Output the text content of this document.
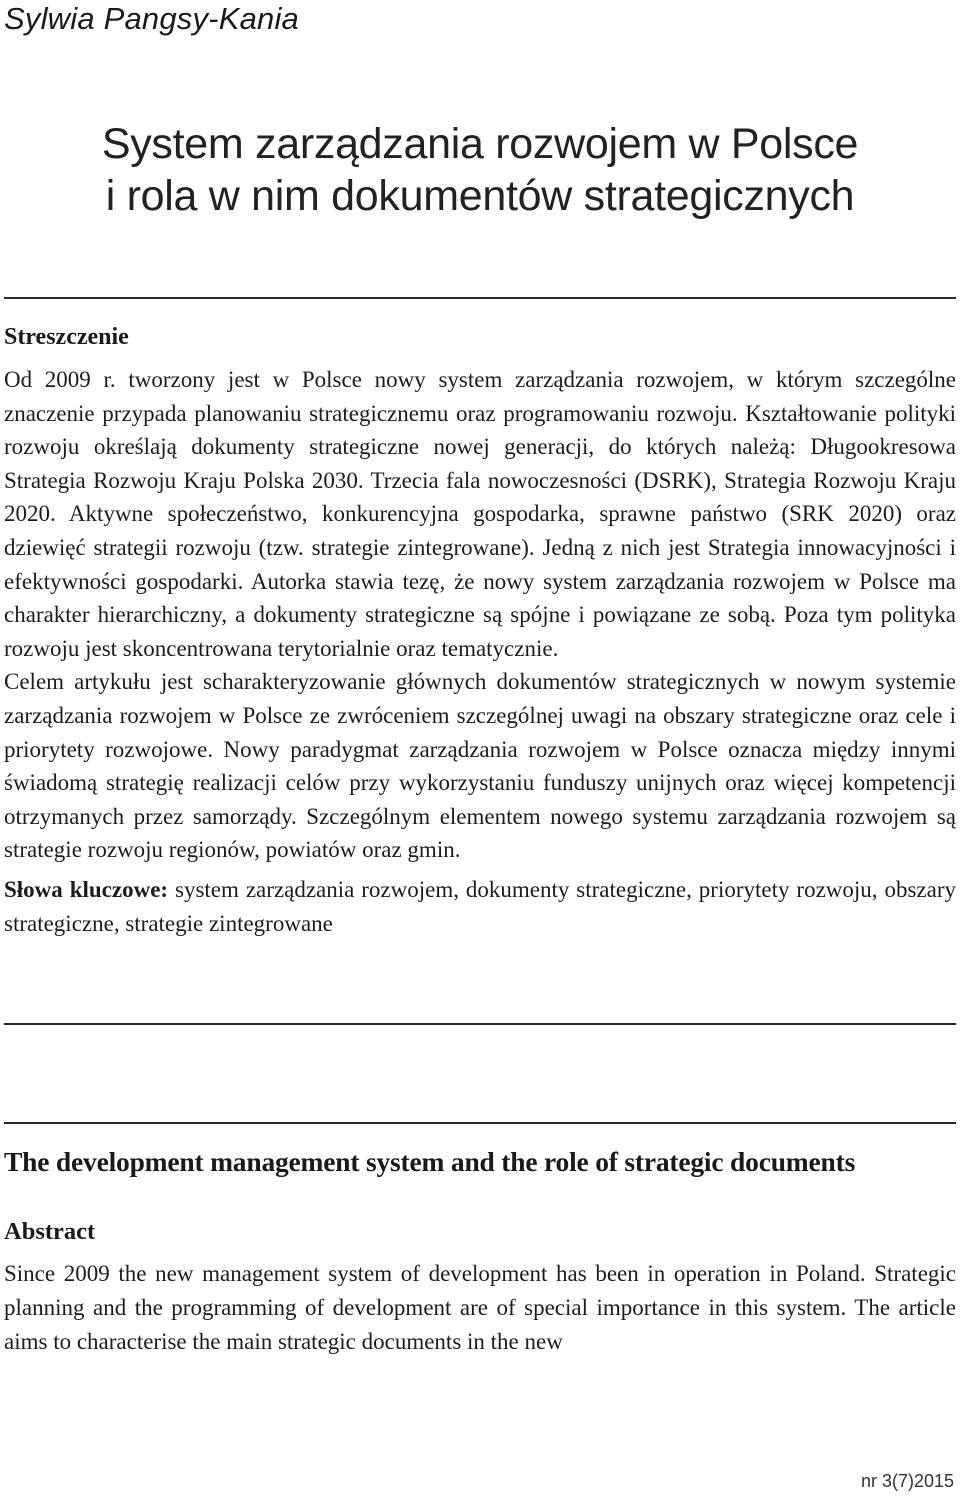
Sylwia Pangsy-Kania
System zarządzania rozwojem w Polsce
i rola w nim dokumentów strategicznych
Streszczenie

Od 2009 r. tworzony jest w Polsce nowy system zarządzania rozwojem, w którym szczególne znaczenie przypada planowaniu strategicznemu oraz programowaniu rozwoju. Kształtowanie polityki rozwoju określają dokumenty strategiczne nowej generacji, do których należą: Długookresowa Strategia Rozwoju Kraju Polska 2030. Trzecia fala nowoczesności (DSRK), Strategia Rozwoju Kraju 2020. Aktywne społeczeństwo, konkurencyjna gospodarka, sprawne państwo (SRK 2020) oraz dziewięć strategii rozwoju (tzw. strategie zintegrowane). Jedną z nich jest Strategia innowacyjności i efektywności gospodarki. Autorka stawia tezę, że nowy system zarządzania rozwojem w Polsce ma charakter hierarchiczny, a dokumenty strategiczne są spójne i powiązane ze sobą. Poza tym polityka rozwoju jest skoncentrowana terytorialnie oraz tematycznie.

Celem artykułu jest scharakteryzowanie głównych dokumentów strategicznych w nowym systemie zarządzania rozwojem w Polsce ze zwróceniem szczególnej uwagi na obszary strategiczne oraz cele i priorytety rozwojowe. Nowy paradygmat zarządzania rozwojem w Polsce oznacza między innymi świadomą strategię realizacji celów przy wykorzystaniu funduszy unijnych oraz więcej kompetencji otrzymanych przez samorządy. Szczególnym elementem nowego systemu zarządzania rozwojem są strategie rozwoju regionów, powiatów oraz gmin.

Słowa kluczowe: system zarządzania rozwojem, dokumenty strategiczne, priorytety rozwoju, obszary strategiczne, strategie zintegrowane

The development management system and the role of strategic documents
Abstract

Since 2009 the new management system of development has been in operation in Poland. Strategic planning and the programming of development are of special importance in this system. The article aims to characterise the main strategic documents in the new

nr 3(7)2015
